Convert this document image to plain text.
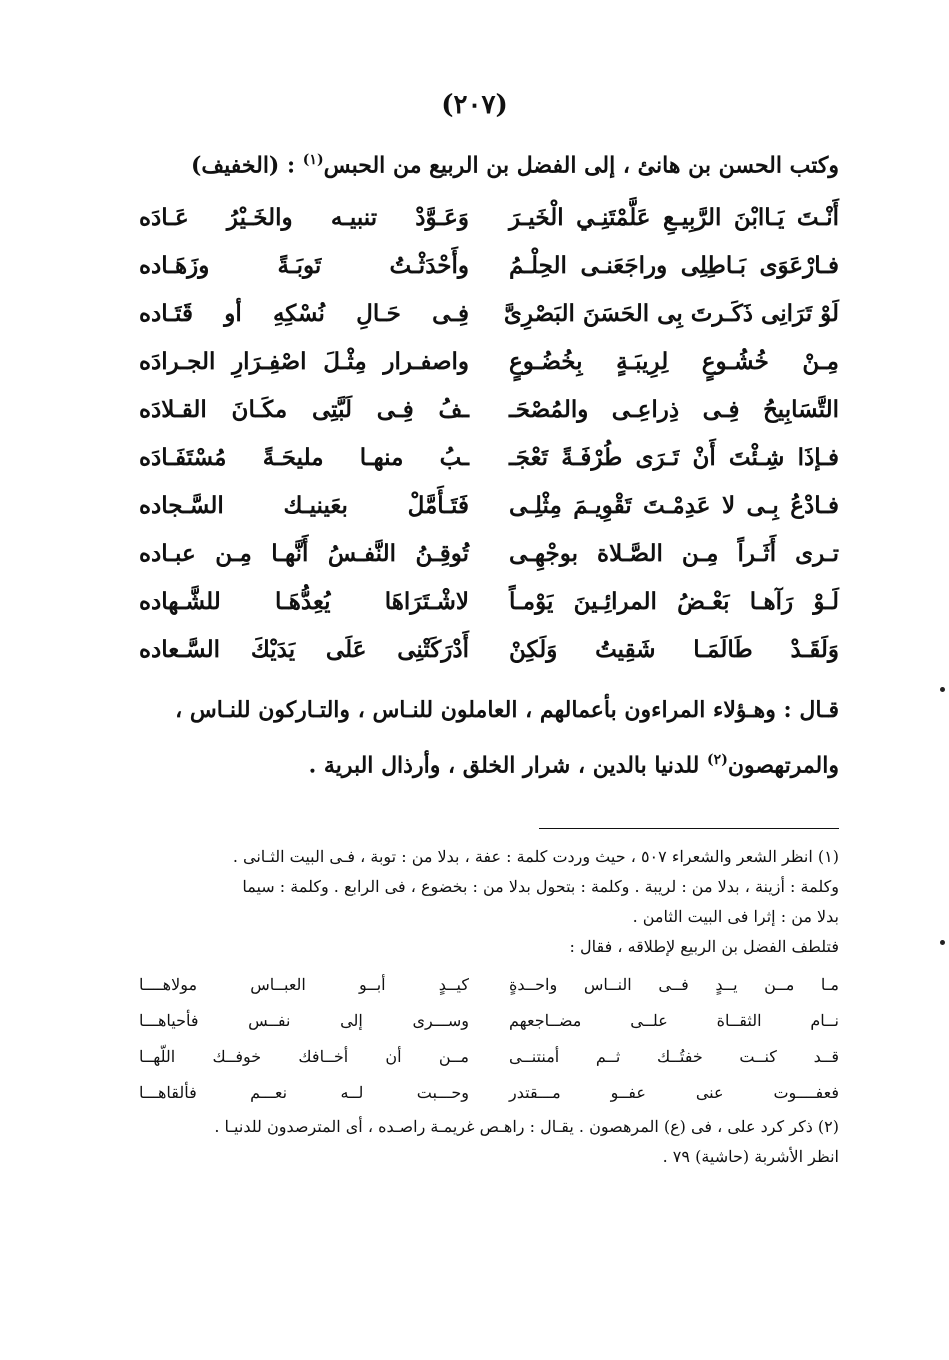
(٢٠٧)
وكتب الحسن بن هانئ ، إلى الفضل بن الربيع من الحبس$^{(١)}$ : (الخفيف)
أَنْـتَ يَـاابْنَ الرَّبِيـعِ عَلَّمْتَنِـي الْخَيـرَ
وَعَـوَّدْ تنبيـه والخَـيْرُ عَـادَه
فـارْعَوَى بَـاطِلِى وراجَعَنـى الحِلْـمُ
وأَحْدَثْـتُ تَوبَـةً وزَهَـاده
لَوْ تَرَانِى ذَكَـرتَ بِى الحَسَنَ البَصْرِىَّ
فِـى حَـالِ نُسْكِهِ أو قَتَـاده
مِـنْ خُشُـوعٍ لِرِيبَـةٍ بِخُضُـوعٍ
واصفـرار مِثْـلَ اصْفِـرَارِ الجـرادَه
التَّسَابِيحُ فِـى ذِراعِـى والمُصْحَـ
ـفُ فِـى لَبَّتِى مكَـانَ القـلادَه
فـإذَا شِـئْتَ أَنْ تَـرَى طُرْفَـةً تَعْجَـ
ـبُ منهـا مليحَـةً مُسْتَفَـادَه
فـادْعُ بِـى لا عَدِمْـتَ تَقْوِيـمَ مِثْلِـى
فَتَـأَمَّلْ بعَينيـك السَّـجاده
تـرى أَثَـراً مِـن الصَّـلاة بوجْهِـى
تُوقِـنُ النَّفـسُ أَنَّهـا مِـن عبـاده
لَـوْ رَآهـا بَعْـضُ المرائِـينَ يَوْمـاً
لاشْـتَرَاهَا يُعِدُّهَـا للشَّـهاده
وَلَقَـدْ طَالَمَـا شَقِيتُ وَلَكِنْ
أَدْرَكَتْنِى عَلَى يَدَيْكَ السَّـعاده

قـال : وهـؤلاء المراءون بأعمالهم ، العاملون للنـاس ، والتـاركون للنـاس ،

والمرتهصون$^{(٢)}$ للدنيا بالدين ، شرار الخلق ، وأرذال البرية .

(١) انظر الشعر والشعراء ٥٠٧ ، حيث وردت كلمة : عفة ، بدلا من : توبة ، فـى البيت الثـانى .

وكلمة : أزينة ، بدلا من : لريبة . وكلمة : بتحول بدلا من : بخضوع ، فى الرابع . وكلمة : سيما

بدلا من : إثرا فى البيت الثامن .

فتلطف الفضل بن الربيع لإطلاقه ، فقال :

مـا مــن يــدٍ فــى النــاس واحــدةٍ
كيــدٍ أبــو العبــاس مولاهــــا
نــام الثقــاة علــى مضــاجعهم
وســـرى إلى نفــس فأحياهـــا
قــد كنــت خفتُــك ثــم أمنتنــى
مــن أن أخــافك خوفــك اللّهــا
فعفــــوت عنى عفــو مـــقتدر
وحـــبت لــه نعـــم فألقاهـــا

(٢) ذكر كرد على ، فى (ع) المرهصون . يقـال : راهـص غريمـة راصـده ، أى المترصدون للدنيـا .

انظر الأشربة (حاشية) ٧٩ .
